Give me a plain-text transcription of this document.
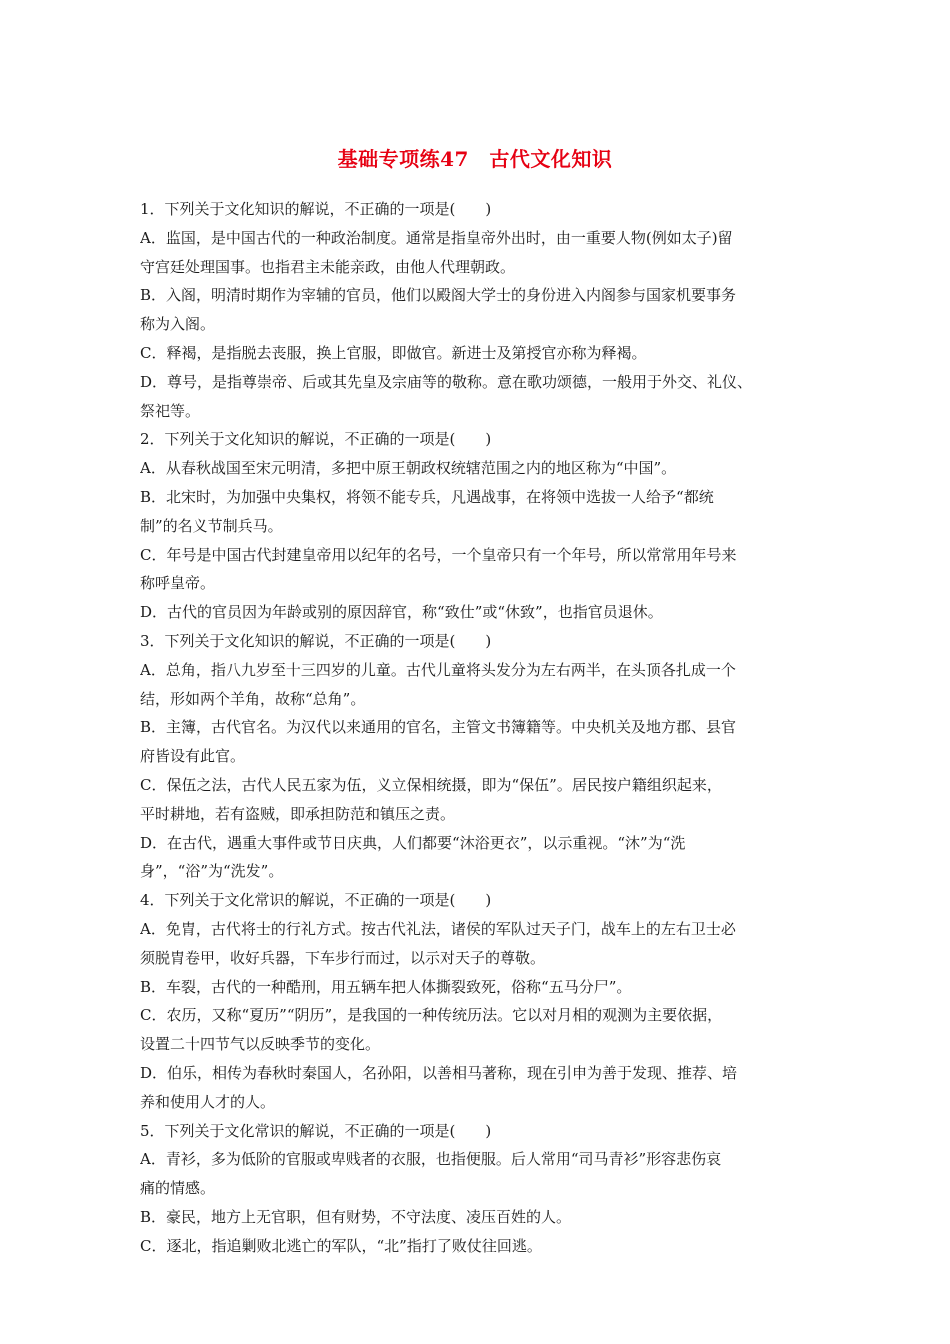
基础专项练47　古代文化知识
1．下列关于文化知识的解说，不正确的一项是(　　)
A．监国，是中国古代的一种政治制度。通常是指皇帝外出时，由一重要人物(例如太子)留
守宫廷处理国事。也指君主未能亲政，由他人代理朝政。
B．入阁，明清时期作为宰辅的官员，他们以殿阁大学士的身份进入内阁参与国家机要事务
称为入阁。
C．释褐，是指脱去丧服，换上官服，即做官。新进士及第授官亦称为释褐。
D．尊号，是指尊崇帝、后或其先皇及宗庙等的敬称。意在歌功颂德，一般用于外交、礼仪、
祭祀等。
2．下列关于文化知识的解说，不正确的一项是(　　)
A．从春秋战国至宋元明清，多把中原王朝政权统辖范围之内的地区称为“中国”。
B．北宋时，为加强中央集权，将领不能专兵，凡遇战事，在将领中选拔一人给予“都统
制”的名义节制兵马。
C．年号是中国古代封建皇帝用以纪年的名号，一个皇帝只有一个年号，所以常常用年号来
称呼皇帝。
D．古代的官员因为年龄或别的原因辞官，称“致仕”或“休致”，也指官员退休。
3．下列关于文化知识的解说，不正确的一项是(　　)
A．总角，指八九岁至十三四岁的儿童。古代儿童将头发分为左右两半，在头顶各扎成一个
结，形如两个羊角，故称“总角”。
B．主簿，古代官名。为汉代以来通用的官名，主管文书簿籍等。中央机关及地方郡、县官
府皆设有此官。
C．保伍之法，古代人民五家为伍，义立保相统摄，即为“保伍”。居民按户籍组织起来，
平时耕地，若有盗贼，即承担防范和镇压之责。
D．在古代，遇重大事件或节日庆典，人们都要“沐浴更衣”，以示重视。“沐”为“洗
身”，“浴”为“洗发”。
4．下列关于文化常识的解说，不正确的一项是(　　)
A．免胄，古代将士的行礼方式。按古代礼法，诸侯的军队过天子门，战车上的左右卫士必
须脱胄卷甲，收好兵器，下车步行而过，以示对天子的尊敬。
B．车裂，古代的一种酷刑，用五辆车把人体撕裂致死，俗称“五马分尸”。
C．农历，又称“夏历”“阴历”，是我国的一种传统历法。它以对月相的观测为主要依据，
设置二十四节气以反映季节的变化。
D．伯乐，相传为春秋时秦国人，名孙阳，以善相马著称，现在引申为善于发现、推荐、培
养和使用人才的人。
5．下列关于文化常识的解说，不正确的一项是(　　)
A．青衫，多为低阶的官服或卑贱者的衣服，也指便服。后人常用“司马青衫”形容悲伤哀
痛的情感。
B．豪民，地方上无官职，但有财势，不守法度、凌压百姓的人。
C．逐北，指追剿败北逃亡的军队，“北”指打了败仗往回逃。
